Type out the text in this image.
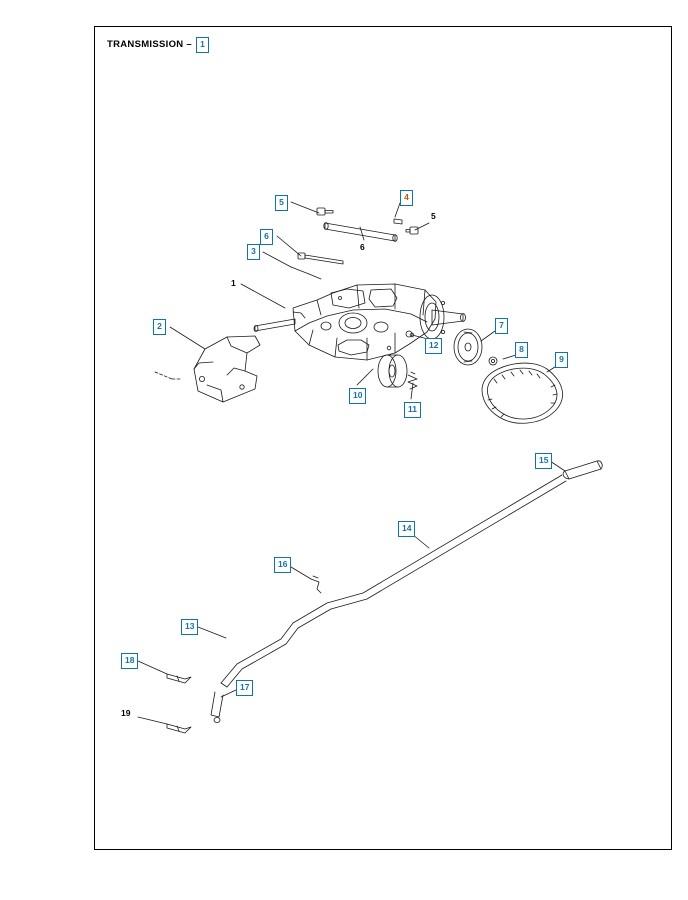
TRANSMISSION – 1
2
3
4
5
6
7
8
9
10
11
12
13
14
15
16
17
18
1
5
6
19
